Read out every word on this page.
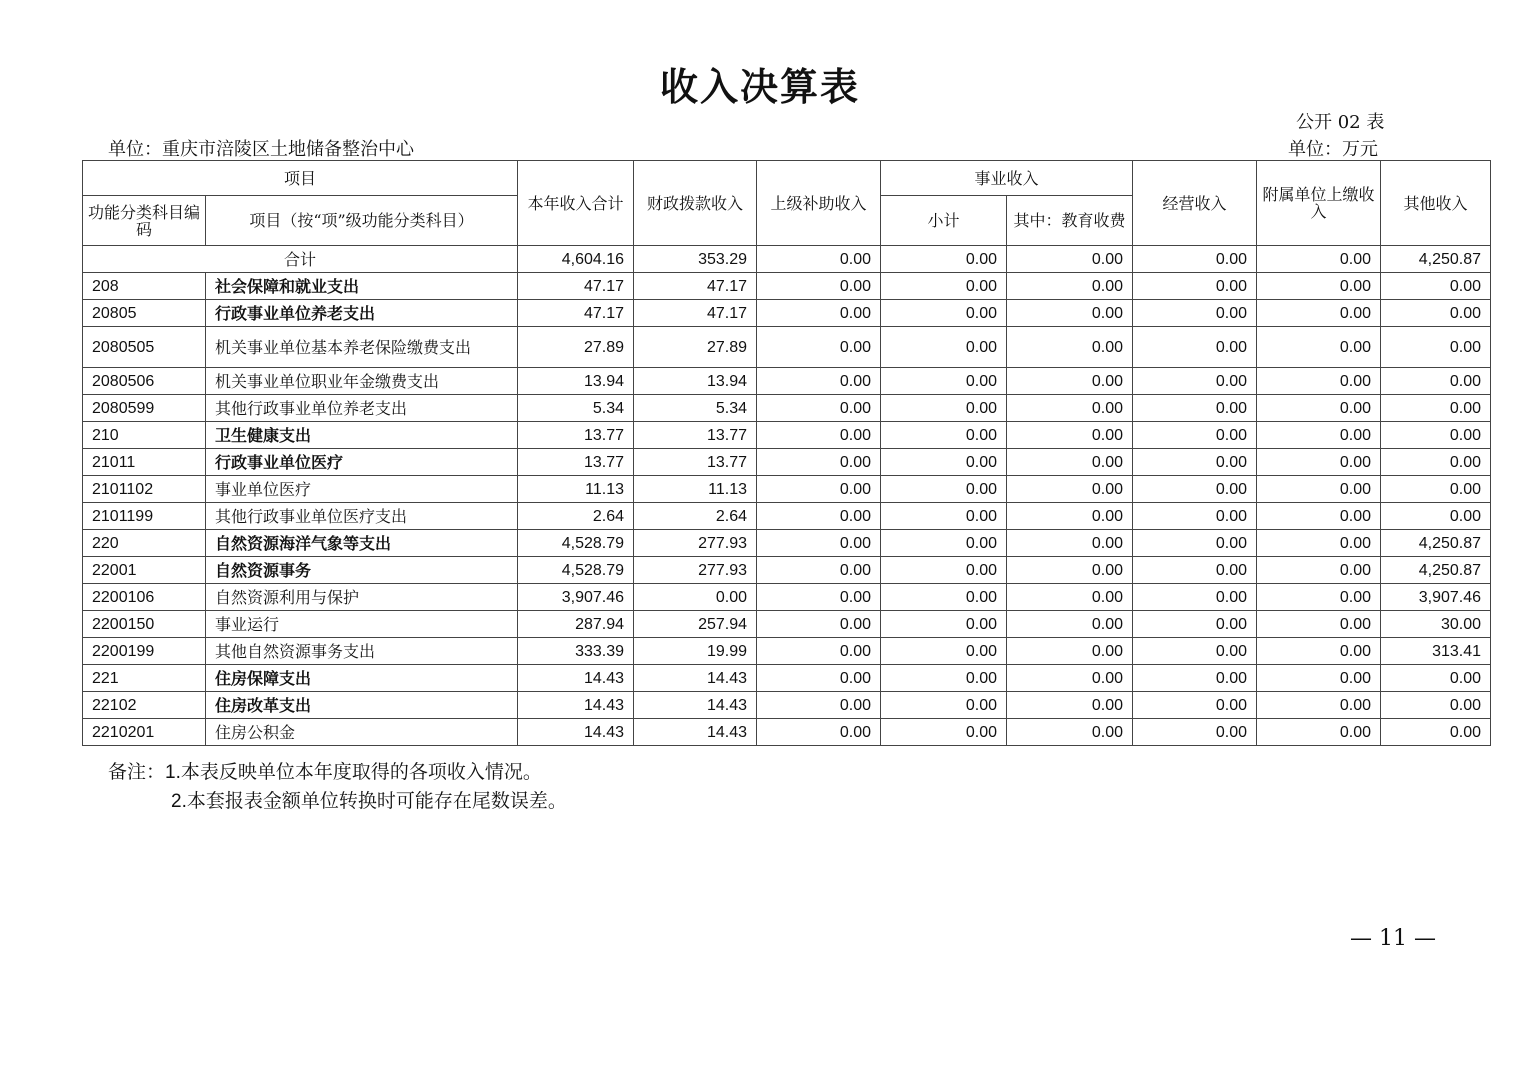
收入决算表
公开 02 表
单位：重庆市涪陵区土地储备整治中心	单位：万元
项目		本年收入合计	财政拨款收入	上级补助收入	事业收入		经营收入	附属单位上缴收入	其他收入
功能分类科目编码	项目（按“项”级功能分类科目）				小计	其中：教育收费			
合计		4,604.16	353.29	0.00	0.00	0.00	0.00	0.00	4,250.87
208	社会保障和就业支出	47.17	47.17	0.00	0.00	0.00	0.00	0.00	0.00
20805	行政事业单位养老支出	47.17	47.17	0.00	0.00	0.00	0.00	0.00	0.00
2080505	机关事业单位基本养老保险缴费支出	27.89	27.89	0.00	0.00	0.00	0.00	0.00	0.00
2080506	机关事业单位职业年金缴费支出	13.94	13.94	0.00	0.00	0.00	0.00	0.00	0.00
2080599	其他行政事业单位养老支出	5.34	5.34	0.00	0.00	0.00	0.00	0.00	0.00
210	卫生健康支出	13.77	13.77	0.00	0.00	0.00	0.00	0.00	0.00
21011	行政事业单位医疗	13.77	13.77	0.00	0.00	0.00	0.00	0.00	0.00
2101102	事业单位医疗	11.13	11.13	0.00	0.00	0.00	0.00	0.00	0.00
2101199	其他行政事业单位医疗支出	2.64	2.64	0.00	0.00	0.00	0.00	0.00	0.00
220	自然资源海洋气象等支出	4,528.79	277.93	0.00	0.00	0.00	0.00	0.00	4,250.87
22001	自然资源事务	4,528.79	277.93	0.00	0.00	0.00	0.00	0.00	4,250.87
2200106	自然资源利用与保护	3,907.46	0.00	0.00	0.00	0.00	0.00	0.00	3,907.46
2200150	事业运行	287.94	257.94	0.00	0.00	0.00	0.00	0.00	30.00
2200199	其他自然资源事务支出	333.39	19.99	0.00	0.00	0.00	0.00	0.00	313.41
221	住房保障支出	14.43	14.43	0.00	0.00	0.00	0.00	0.00	0.00
22102	住房改革支出	14.43	14.43	0.00	0.00	0.00	0.00	0.00	0.00
2210201	住房公积金	14.43	14.43	0.00	0.00	0.00	0.00	0.00	0.00
备注：1.本表反映单位本年度取得的各项收入情况。
2.本套报表金额单位转换时可能存在尾数误差。
— 11 —
